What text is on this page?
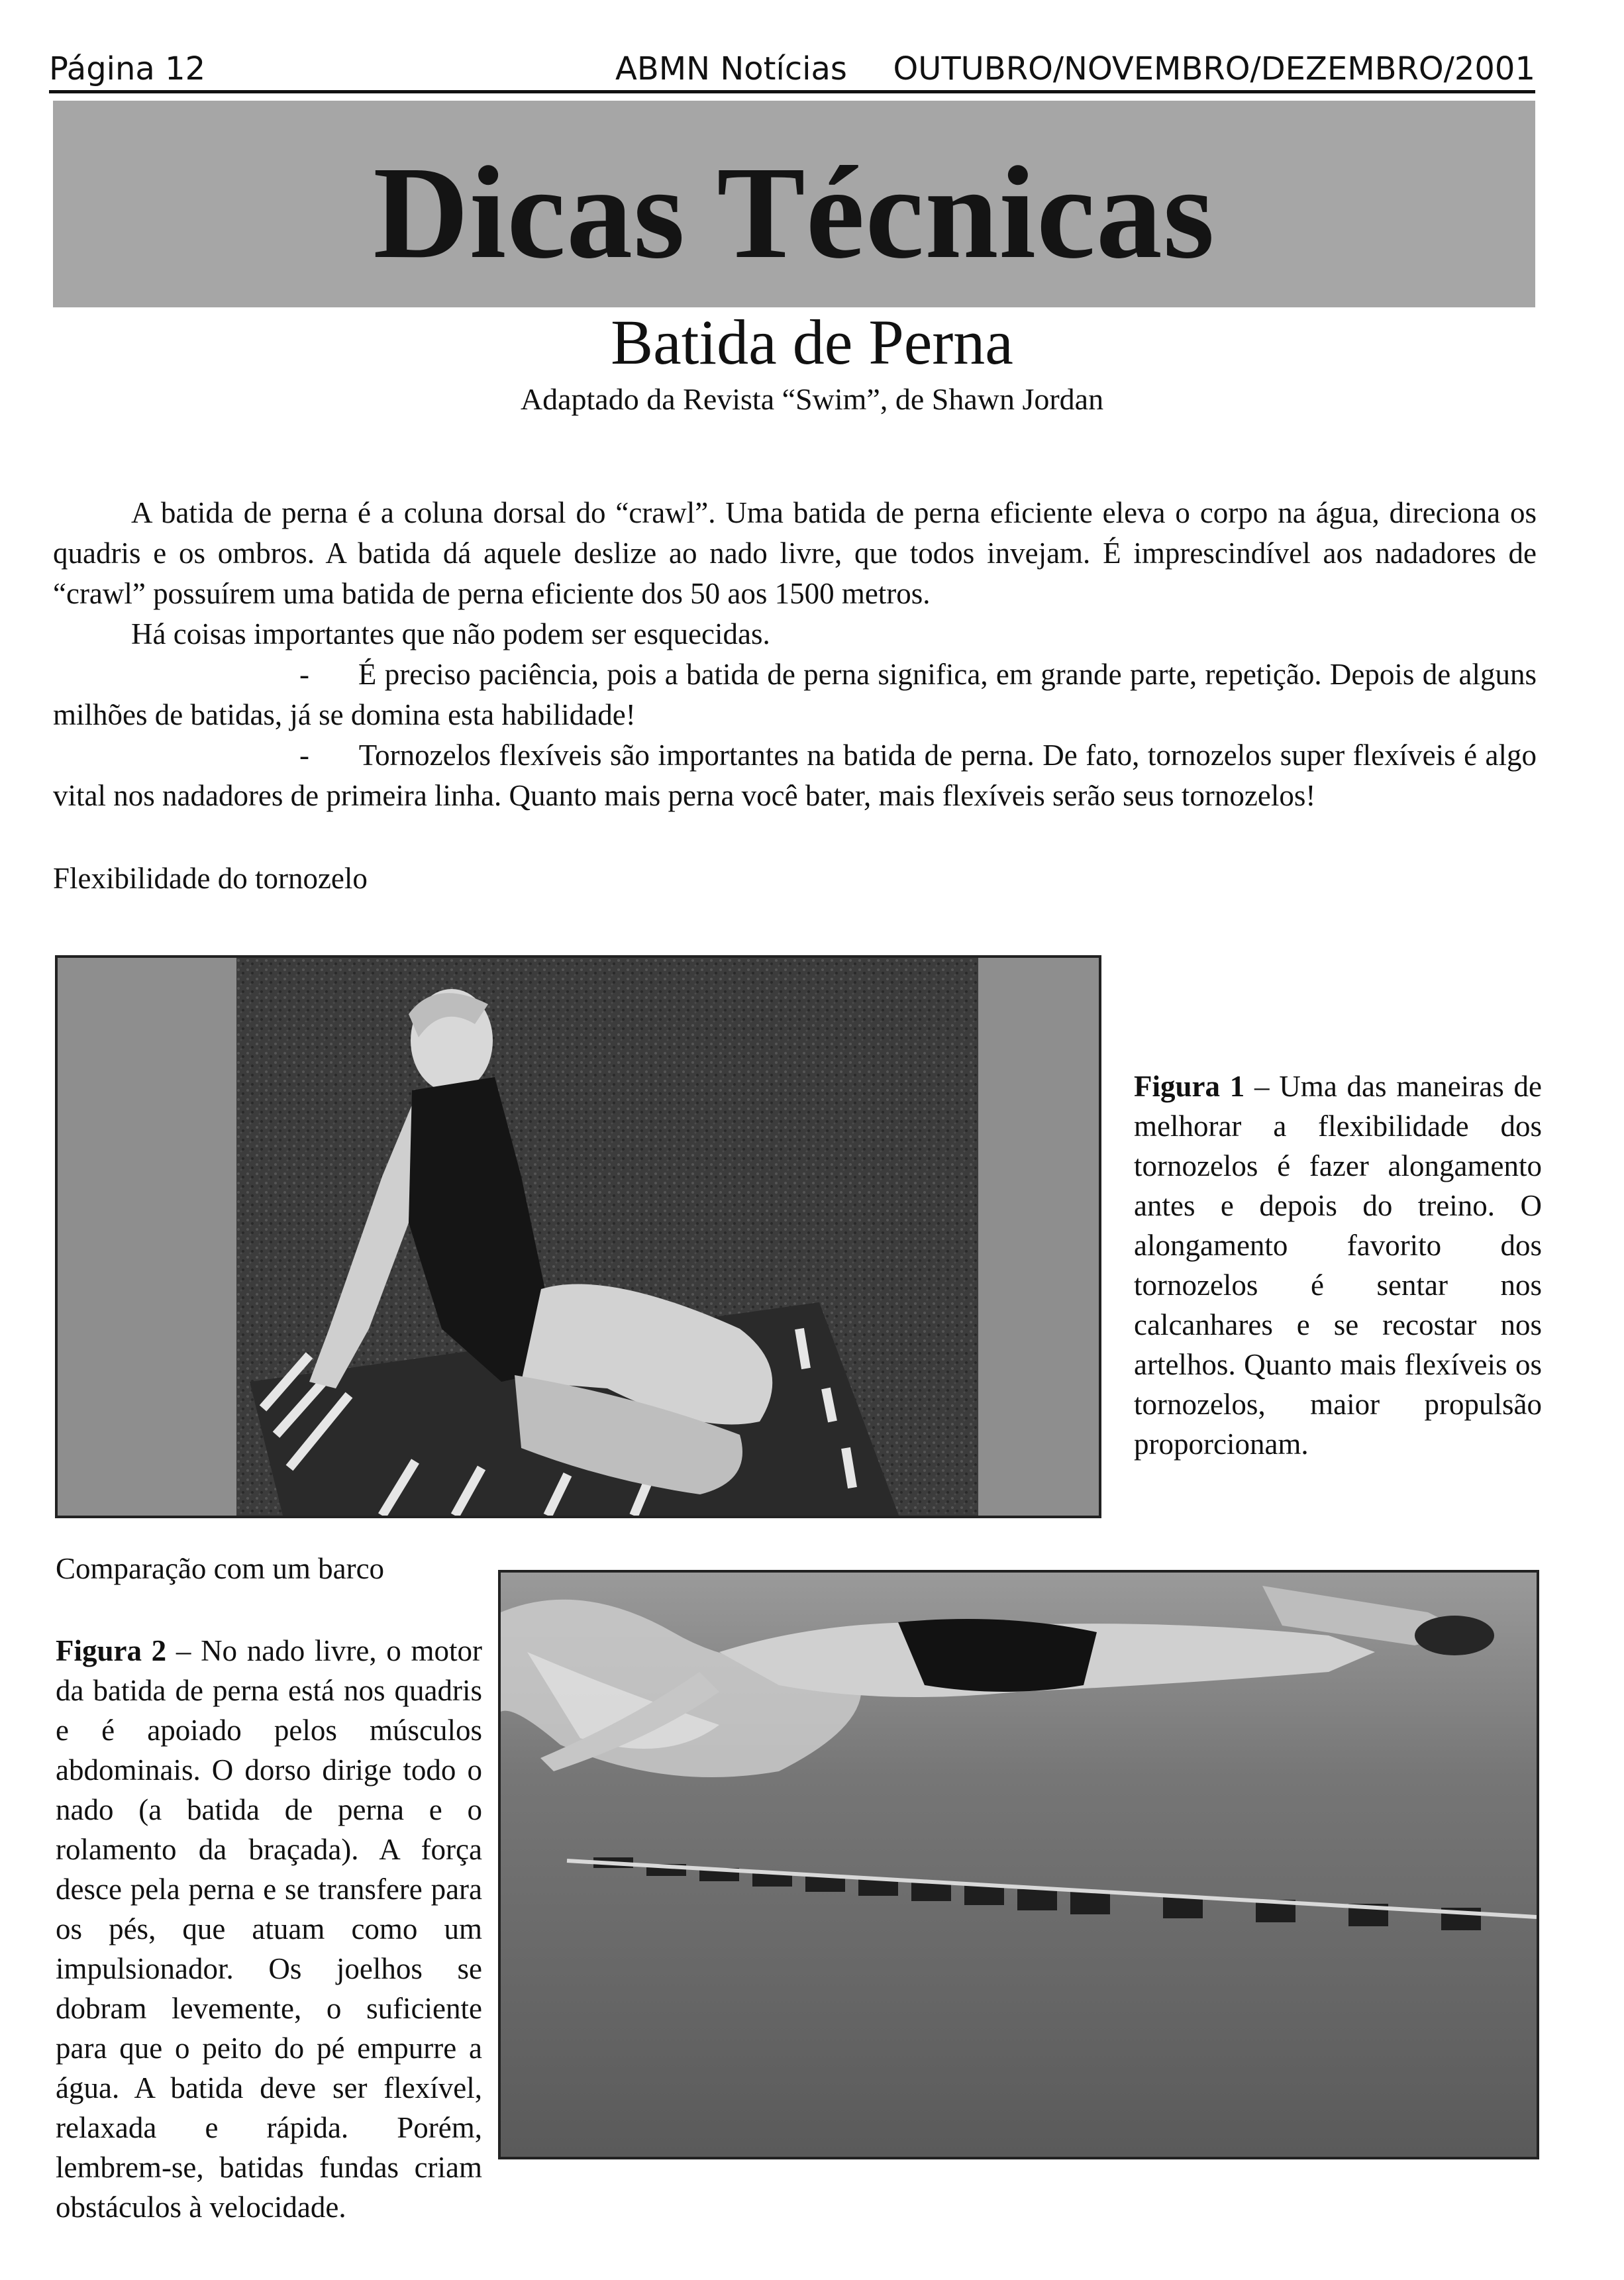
Página 12	ABMN Notícias OUTUBRO/NOVEMBRO/DEZEMBRO/2001
Dicas Técnicas
Batida de Perna
Adaptado da Revista “Swim”, de Shawn Jordan

A batida de perna é a coluna dorsal do “crawl”. Uma batida de perna eficiente eleva o corpo na água, direciona os quadris e os ombros. A batida dá aquele deslize ao nado livre, que todos invejam. É imprescindível aos nadadores de “crawl” possuírem uma batida de perna eficiente dos 50 aos 1500 metros.

Há coisas importantes que não podem ser esquecidas.

- É preciso paciência, pois a batida de perna significa, em grande parte, repetição. Depois de alguns milhões de batidas, já se domina esta habilidade!

- Tornozelos flexíveis são importantes na batida de perna. De fato, tornozelos super flexíveis é algo vital nos nadadores de primeira linha. Quanto mais perna você bater, mais flexíveis serão seus tornozelos!

Flexibilidade do tornozelo
Figura 1 – Uma das maneiras de melhorar a flexibilidade dos tornozelos é fazer alongamento antes e depois do treino. O alongamento favorito dos tornozelos é sentar nos calcanhares e se recostar nos artelhos. Quanto mais flexíveis os tornozelos, maior propulsão proporcionam.
Comparação com um barco
Figura 2 – No nado livre, o motor da batida de perna está nos quadris e é apoiado pelos músculos abdominais. O dorso dirige todo o nado (a batida de perna e o rolamento da braçada). A força desce pela perna e se transfere para os pés, que atuam como um impulsionador. Os joelhos se dobram levemente, o suficiente para que o peito do pé empurre a água. A batida deve ser flexível, relaxada e rápida. Porém, lembrem-se, batidas fundas criam obstáculos à velocidade.
